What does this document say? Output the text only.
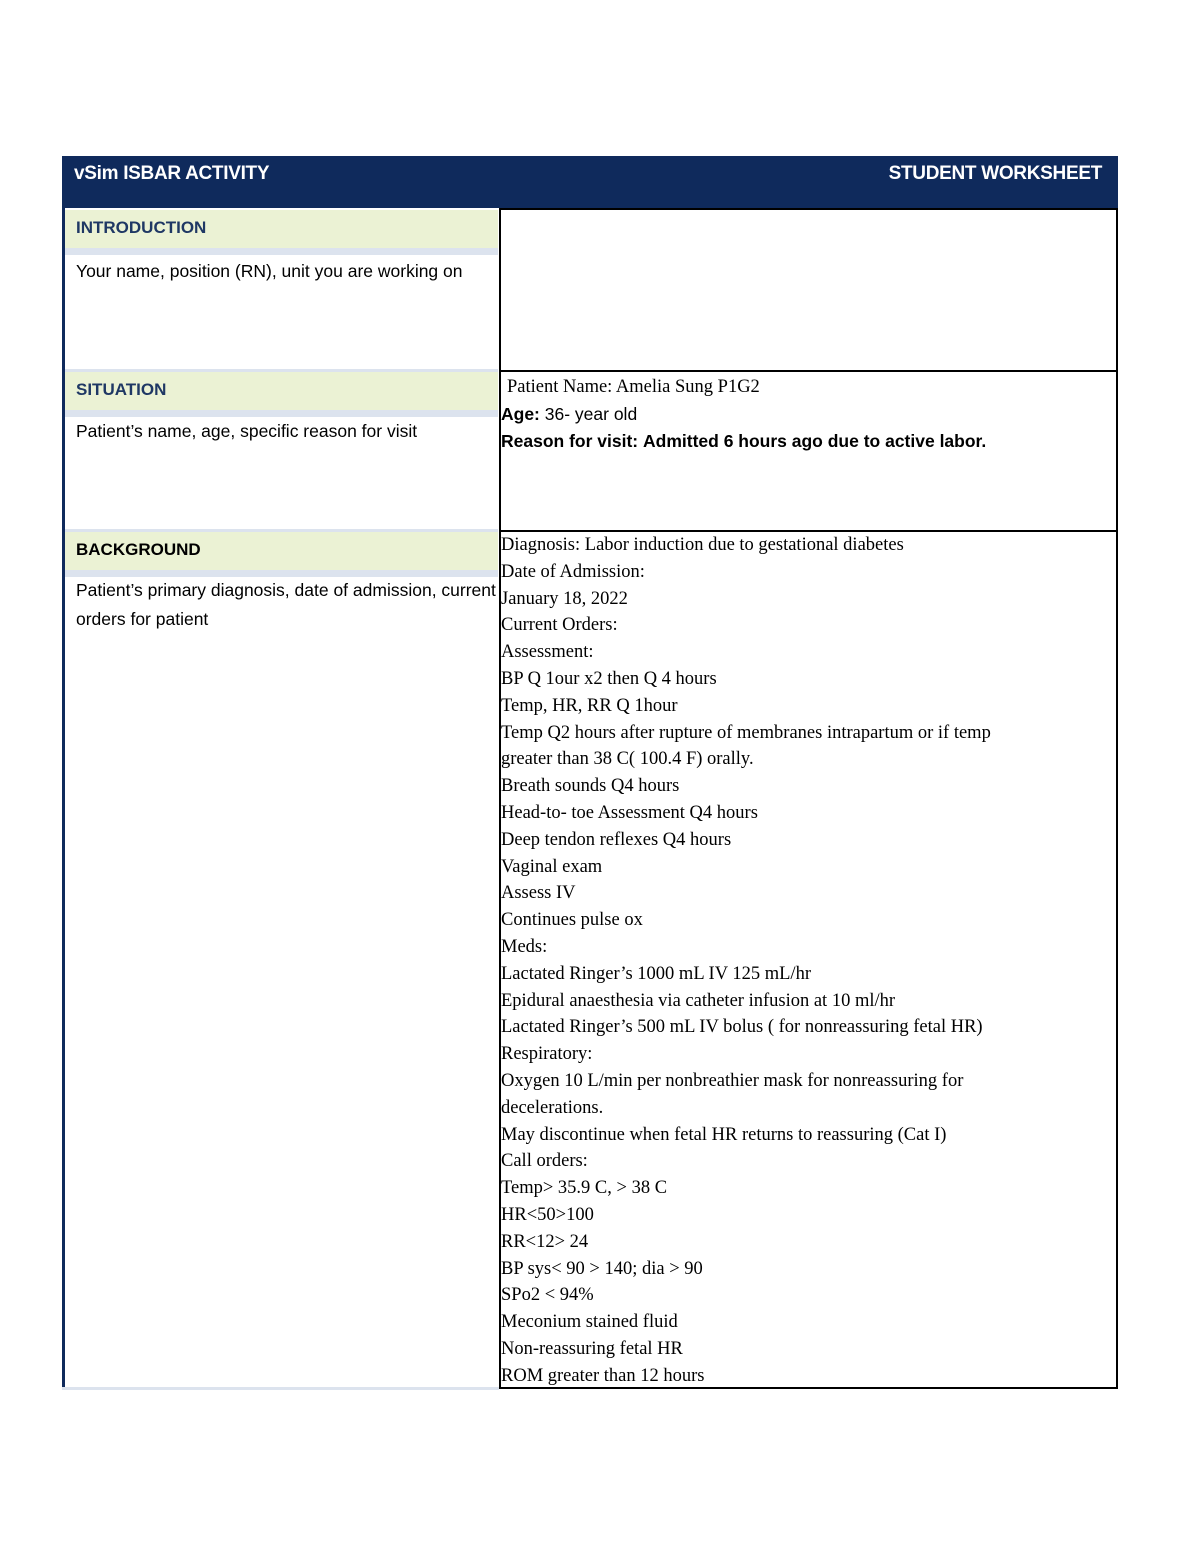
vSim ISBAR ACTIVITY	STUDENT WORKSHEET
INTRODUCTION
Your name, position (RN), unit you are working on
SITUATION
Patient’s name, age, specific reason for visit
Patient Name: Amelia Sung P1G2
Age: 36- year old
Reason for visit: Admitted 6 hours ago due to active labor.
BACKGROUND
Patient’s primary diagnosis, date of admission, current orders for patient
Diagnosis: Labor induction due to gestational diabetes
Date of Admission:
January 18, 2022
Current Orders:
Assessment:
BP Q 1our x2 then Q 4 hours
Temp, HR, RR Q 1hour
Temp Q2 hours after rupture of membranes intrapartum or if temp
greater than 38 C( 100.4 F) orally.
Breath sounds Q4 hours
Head-to- toe Assessment Q4 hours
Deep tendon reflexes Q4 hours
Vaginal exam
Assess IV
Continues pulse ox
Meds:
Lactated Ringer’s 1000 mL IV 125 mL/hr
Epidural anaesthesia via catheter infusion at 10 ml/hr
Lactated Ringer’s 500 mL IV bolus ( for nonreassuring fetal HR)
Respiratory:
Oxygen 10 L/min per nonbreathier mask for nonreassuring for
decelerations.
May discontinue when fetal HR returns to reassuring (Cat I)
Call orders:
Temp> 35.9 C, > 38 C
HR<50>100
RR<12> 24
BP sys< 90 > 140; dia > 90
SPo2 < 94%
Meconium stained fluid
Non-reassuring fetal HR
ROM greater than 12 hours
